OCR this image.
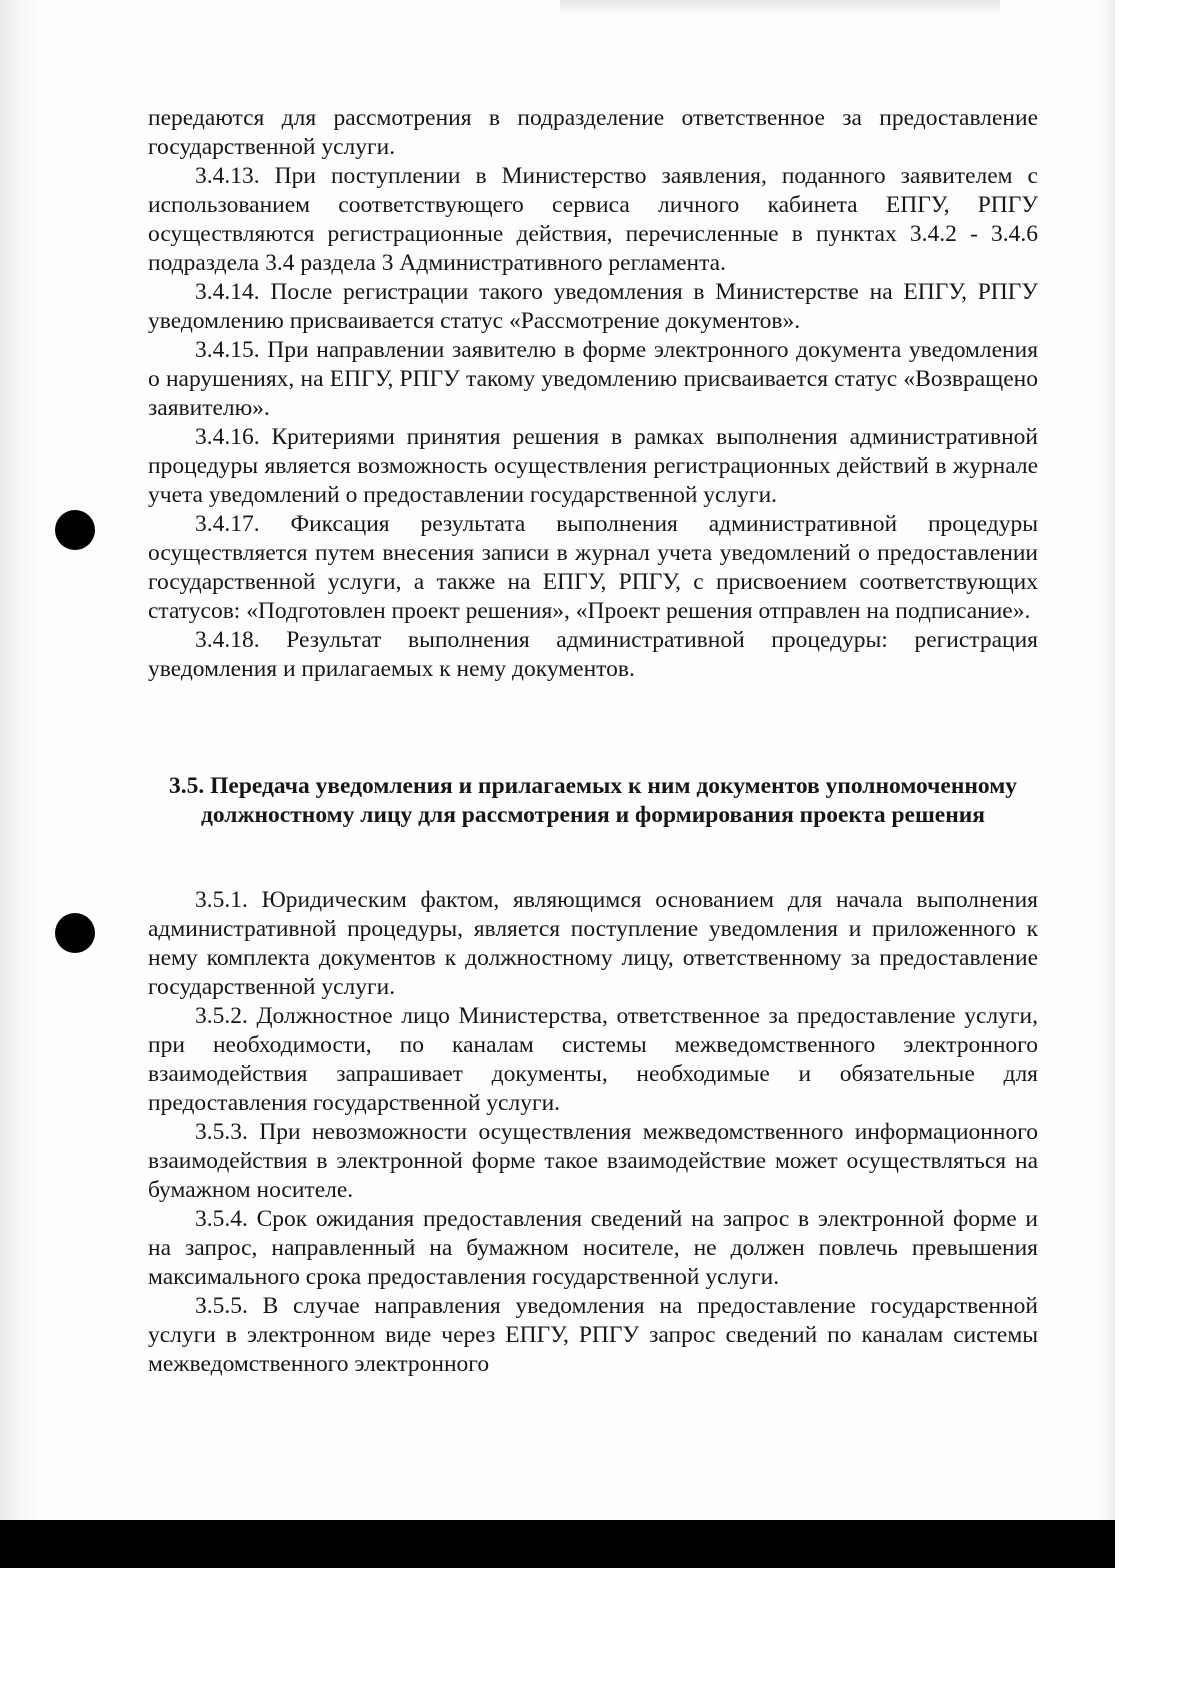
передаются для рассмотрения в подразделение ответственное за предоставление государственной услуги.

3.4.13. При поступлении в Министерство заявления, поданного заявителем с использованием соответствующего сервиса личного кабинета ЕПГУ, РПГУ осуществляются регистрационные действия, перечисленные в пунктах 3.4.2 - 3.4.6 подраздела 3.4 раздела 3 Административного регламента.

3.4.14. После регистрации такого уведомления в Министерстве на ЕПГУ, РПГУ уведомлению присваивается статус «Рассмотрение документов».

3.4.15. При направлении заявителю в форме электронного документа уведомления о нарушениях, на ЕПГУ, РПГУ такому уведомлению присваивается статус «Возвращено заявителю».

3.4.16. Критериями принятия решения в рамках выполнения административной процедуры является возможность осуществления регистрационных действий в журнале учета уведомлений о предоставлении государственной услуги.

3.4.17. Фиксация результата выполнения административной процедуры осуществляется путем внесения записи в журнал учета уведомлений о предоставлении государственной услуги, а также на ЕПГУ, РПГУ, с присвоением соответствующих статусов: «Подготовлен проект решения», «Проект решения отправлен на подписание».

3.4.18. Результат выполнения административной процедуры: регистрация уведомления и прилагаемых к нему документов.

3.5. Передача уведомления и прилагаемых к ним документов уполномоченному должностному лицу для рассмотрения и формирования проекта решения

3.5.1. Юридическим фактом, являющимся основанием для начала выполнения административной процедуры, является поступление уведомления и приложенного к нему комплекта документов к должностному лицу, ответственному за предоставление государственной услуги.

3.5.2. Должностное лицо Министерства, ответственное за предоставление услуги, при необходимости, по каналам системы межведомственного электронного взаимодействия запрашивает документы, необходимые и обязательные для предоставления государственной услуги.

3.5.3. При невозможности осуществления межведомственного информационного взаимодействия в электронной форме такое взаимодействие может осуществляться на бумажном носителе.

3.5.4. Срок ожидания предоставления сведений на запрос в электронной форме и на запрос, направленный на бумажном носителе, не должен повлечь превышения максимального срока предоставления государственной услуги.

3.5.5. В случае направления уведомления на предоставление государственной услуги в электронном виде через ЕПГУ, РПГУ запрос сведений по каналам системы межведомственного электронного
